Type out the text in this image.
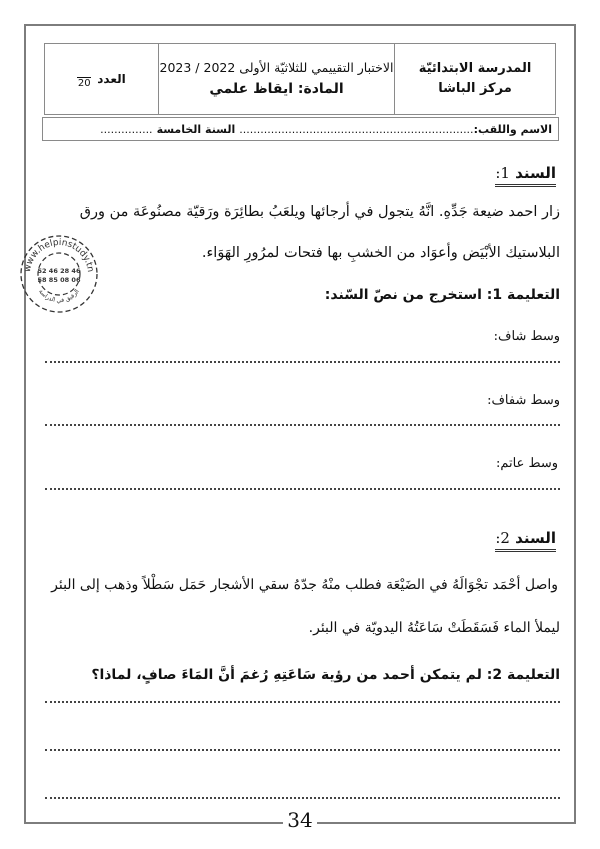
العدد
20
الاختبار التقييمي للثلاثيّة الأولى 2022 / 2023
المادة: ايقاظ علمي
المدرسة الابتدائيّة
مركز الباشا
الاسم واللقب:
...................................................................
السنة الخامسة
...............
السند 1:
زار احمد ضيعة جَدِّهِ. انَّهُ يتجول في أرجائها ويلعَبُ بطائِرَة ورَقيّة مصنُوعَة من ورق
البلاستيك الأبْيَض وأعوَاد من الخشبِ بها فتحات لمرُورِ الهَوَاء.
www.helpinstudy.tn
52 46 28 46
58 85 08 06
الرفيق في الدراسة	التعليمة 1: استخرج من نصّ السّند:
وسط شاف:
وسط شفاف:
وسط عاتم:
السند 2:
واصل أحْمَد تجْوَالَهُ في الضَيْعَة فطلب منْهُ جدّهُ سقي الأشجار حَمَل سَطْلاً وذهب إلى البئر
ليملأ الماء فَسَقَطَتْ سَاعَتُهُ اليدويّة في البئر.
التعليمة 2: لم يتمكن أحمد من رؤية سَاعَتِهِ رُغمَ أنَّ المَاءَ صافٍ، لماذا؟
34
